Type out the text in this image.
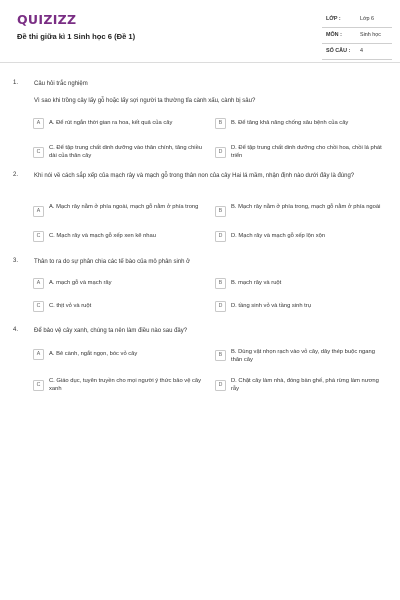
QUIZIZZ
Đề thi giữa kì 1 Sinh học 6 (Đề 1)
LỚP :	Lớp 6
MÔN :	Sinh học
SỐ CÂU : 4
1.	Câu hỏi trắc nghiệm
Vì sao khi trồng cây lấy gỗ hoặc lấy sợi người ta thường tỉa cành xấu, cành bị sâu?
A	A. Để rút ngắn thời gian ra hoa, kết quả của cây	B	B. Để tăng khả năng chống sâu bệnh của cây
C
C. Để tập trung chất dinh dưỡng vào thân chính, tăng chiều dài của thân cây
D
D. Để tập trung chất dinh dưỡng cho chồi hoa, chồi lá phát triển
2.	Khi nói về cách sắp xếp của mạch rây và mạch gỗ trong thân non của cây Hai lá mầm, nhận định nào dưới đây là đúng?
A
A. Mạch rây nằm ở phía ngoài, mạch gỗ nằm ở phía trong
B
B. Mạch rây nằm ở phía trong, mạch gỗ nằm ở phía ngoài
C	C. Mạch rây và mạch gỗ xếp xen kẽ nhau	D	D. Mạch rây và mạch gỗ xếp lộn xộn
3.	Thân to ra do sự phân chia các tế bào của mô phân sinh ở
A	A. mạch gỗ và mạch rây	B	B. mạch rây và ruột
C	C. thịt vỏ và ruột	D	D. tầng sinh vỏ và tầng sinh trụ
4.	Để bảo vệ cây xanh, chúng ta nên làm điều nào sau đây?
A	A. Bẻ cành, ngắt ngọn, bóc vỏ cây	B	B. Dùng vật nhọn rạch vào vỏ cây, dây thép buộc ngang thân cây
C
C. Giáo dục, tuyên truyền cho mọi người ý thức bảo vệ cây xanh
D
D. Chặt cây làm nhà, đóng bàn ghế, phá rừng làm nương rẫy
